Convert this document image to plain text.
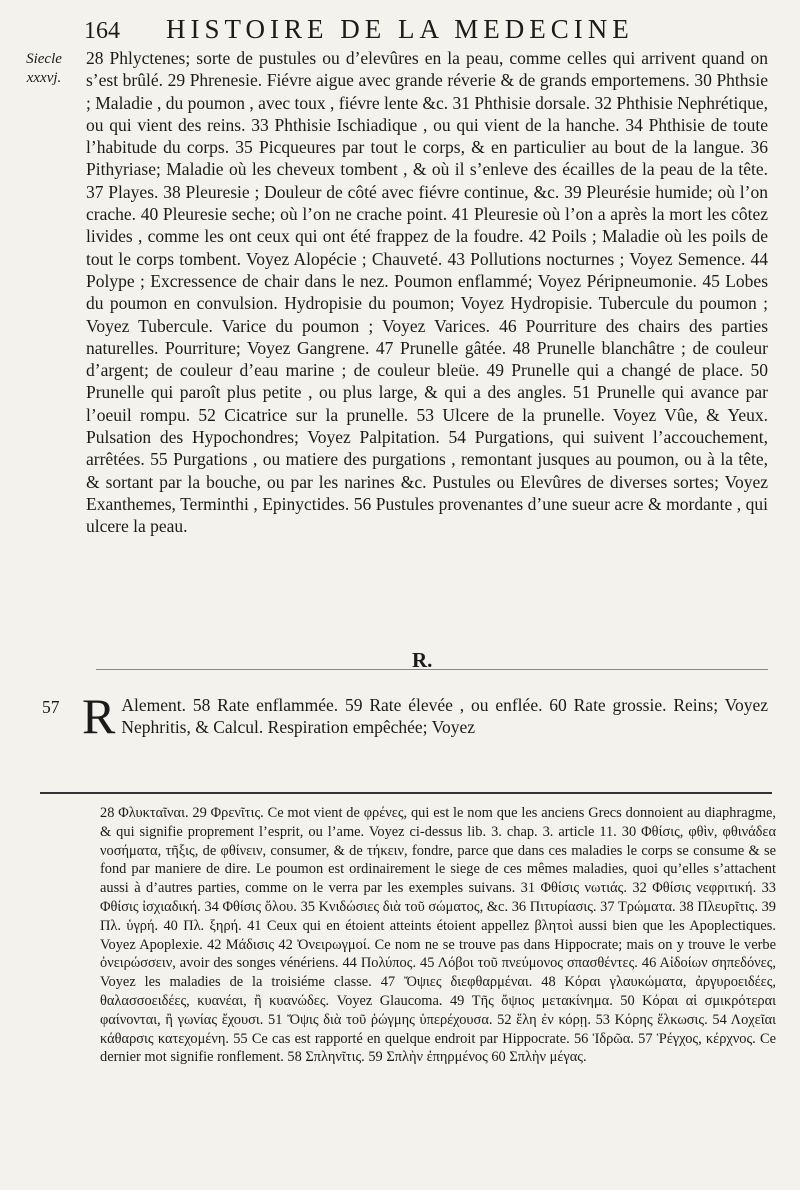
164 HISTOIRE DE LA MEDECINE
Siecle xxxvj.
28 Phlyctenes; sorte de pustules ou d’elevûres en la peau, comme celles qui arrivent quand on s’est brûlé. 29 Phrenesie. Fiévre aigue avec grande réverie & de grands emportemens. 30 Phthsie ; Maladie , du poumon , avec toux , fiévre lente &c. 31 Phthisie dorsale. 32 Phthisie Nephrétique, ou qui vient des reins. 33 Phthisie Ischiadique , ou qui vient de la hanche. 34 Phthisie de toute l’habitude du corps. 35 Picqueures par tout le corps, & en particulier au bout de la langue. 36 Pithyriase; Maladie où les cheveux tombent , & où il s’enleve des écailles de la peau de la tête. 37 Playes. 38 Pleuresie ; Douleur de côté avec fiévre continue, &c. 39 Pleurésie humide; où l’on crache. 40 Pleuresie seche; où l’on ne crache point. 41 Pleuresie où l’on a après la mort les côtez livides , comme les ont ceux qui ont été frappez de la foudre. 42 Poils ; Maladie où les poils de tout le corps tombent. Voyez Alopécie ; Chauveté. 43 Pollutions nocturnes ; Voyez Semence. 44 Polype ; Excressence de chair dans le nez. Poumon enflammé; Voyez Péripneumonie. 45 Lobes du poumon en convulsion. Hydropisie du poumon; Voyez Hydropisie. Tubercule du poumon ; Voyez Tubercule. Varice du poumon ; Voyez Varices. 46 Pourriture des chairs des parties naturelles. Pourriture; Voyez Gangrene. 47 Prunelle gâtée. 48 Prunelle blanchâtre ; de couleur d’argent; de couleur d’eau marine ; de couleur bleüe. 49 Prunelle qui a changé de place. 50 Prunelle qui paroît plus petite , ou plus large, & qui a des angles. 51 Prunelle qui avance par l’oeuil rompu. 52 Cicatrice sur la prunelle. 53 Ulcere de la prunelle. Voyez Vûe, & Yeux. Pulsation des Hypochondres; Voyez Palpitation. 54 Purgations, qui suivent l’accouchement, arrêtées. 55 Purgations , ou matiere des purgations , remontant jusques au poumon, ou à la tête, & sortant par la bouche, ou par les narines &c. Pustules ou Elevûres de diverses sortes; Voyez Exanthemes, Terminthi , Epinyctides. 56 Pustules provenantes d’une sueur acre & mordante , qui ulcere la peau.
R.
57 R Alement. 58 Rate enflammée. 59 Rate élevée , ou enflée. 60 Rate grossie. Reins; Voyez Nephritis, & Calcul. Respiration empêchée; Voyez
28 Φλυκταῖναι. 29 Φρενῖτις. Ce mot vient de φρένες, qui est le nom que les anciens Grecs donnoient au diaphragme, & qui signifie proprement l’esprit, ou l’ame. Voyez ci-dessus lib. 3. chap. 3. article 11. 30 Φθίσις, φθὶν, φθινάδεα νοσήματα, τῆξις, de φθίνειν, consumer, & de τήκειν, fondre, parce que dans ces maladies le corps se consume & se fond par maniere de dire. Le poumon est ordinairement le siege de ces mêmes maladies, quoi qu’elles s’attachent aussi à d’autres parties, comme on le verra par les exemples suivans. 31 Φθίσις νωτιάς. 32 Φθίσις νεφριτική. 33 Φθίσις ἰσχιαδική. 34 Φθίσις ὅλου. 35 Κνιδώσιες διὰ τοῦ σώματος, &c. 36 Πιτυρίασις. 37 Τρώματα. 38 Πλευρῖτις. 39 Πλ. ὑγρή. 40 Πλ. ξηρή. 41 Ceux qui en étoient atteints étoient appellez βλητοὶ aussi bien que les Apoplectiques. Voyez Apoplexie. 42 Μάδισις 42 Ὀνειρωγμοί. Ce nom ne se trouve pas dans Hippocrate; mais on y trouve le verbe ὀνειρώσσειν, avoir des songes vénériens. 44 Πολύπος. 45 Λόβοι τοῦ πνεύμονος σπασθέντες. 46 Αἰδοίων σηπεδόνες, Voyez les maladies de la troisiéme classe. 47 Ὄψιες διεφθαρμέναι. 48 Κόραι γλαυκώματα, ἀργυροειδέες, θαλασσοειδέες, κυανέαι, ἢ κυανώδες. Voyez Glaucoma. 49 Τῆς ὄψιος μετακίνημα. 50 Κόραι αἱ σμικρότεραι φαίνονται, ἢ γωνίας ἔχουσι. 51 Ὄψις διὰ τοῦ ῥώγμης ὑπερέχουσα. 52 ἕλη ἐν κόρῃ. 53 Κόρης ἕλκωσις. 54 Λοχεῖαι κάθαρσις κατεχομένη. 55 Ce cas est rapporté en quelque endroit par Hippocrate. 56 Ἱδρῶα. 57 Ῥέγχος, κέρχνος. Ce dernier mot signifie ronflement. 58 Σπληνῖτις. 59 Σπλὴν ἐπηρμένος 60 Σπλὴν μέγας.
